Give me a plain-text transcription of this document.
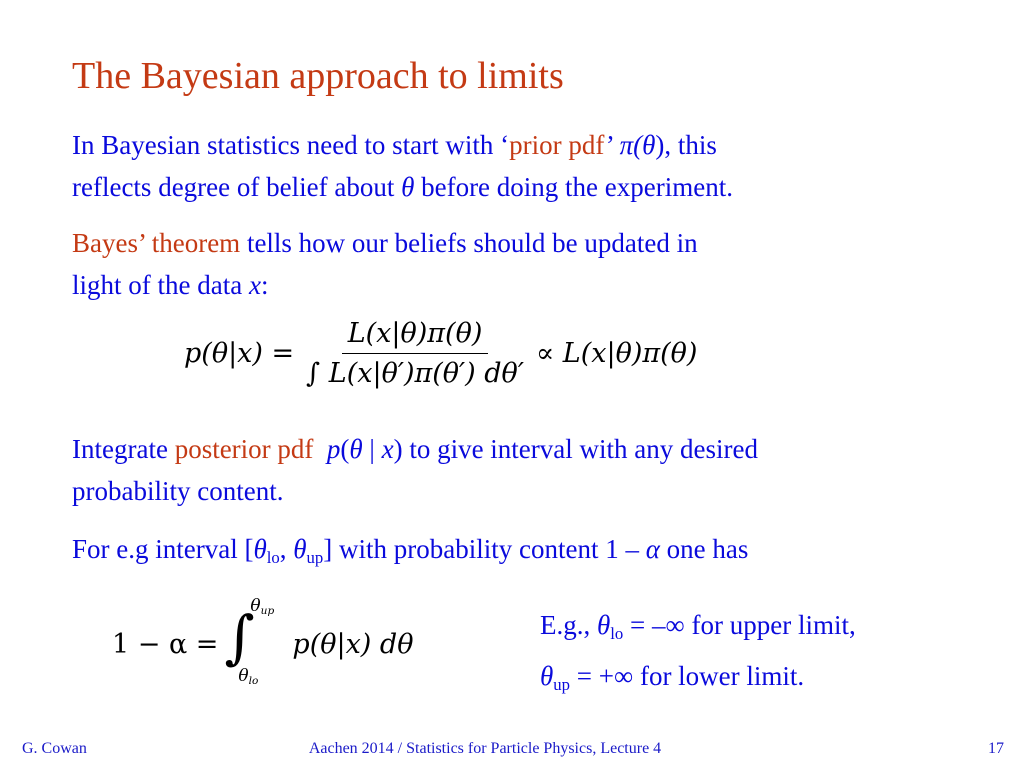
The Bayesian approach to limits
In Bayesian statistics need to start with ‘prior pdf’ π(θ), this
reflects degree of belief about θ before doing the experiment.
Bayes’ theorem tells how our beliefs should be updated in
light of the data x:
$p(\theta|x) = \frac{L(x|\theta)\pi(\theta)}{\int L(x|\theta')\pi(\theta') d\theta'} \propto L(x|\theta)\pi(\theta)$
Integrate posterior pdf p(θ | x) to give interval with any desired
probability content.
For e.g interval [$\theta_{lo}$, $\theta_{up}$] with probability content 1 – α one has
1 − α = ∫
$\theta_{up}$
$\theta_{lo}$
p(θ|x) dθ
E.g., $\theta_{lo}$ = –∞ for upper limit,
$\theta_{up}$ = +∞ for lower limit.
G. Cowan	Aachen 2014 / Statistics for Particle Physics, Lecture 4	17
